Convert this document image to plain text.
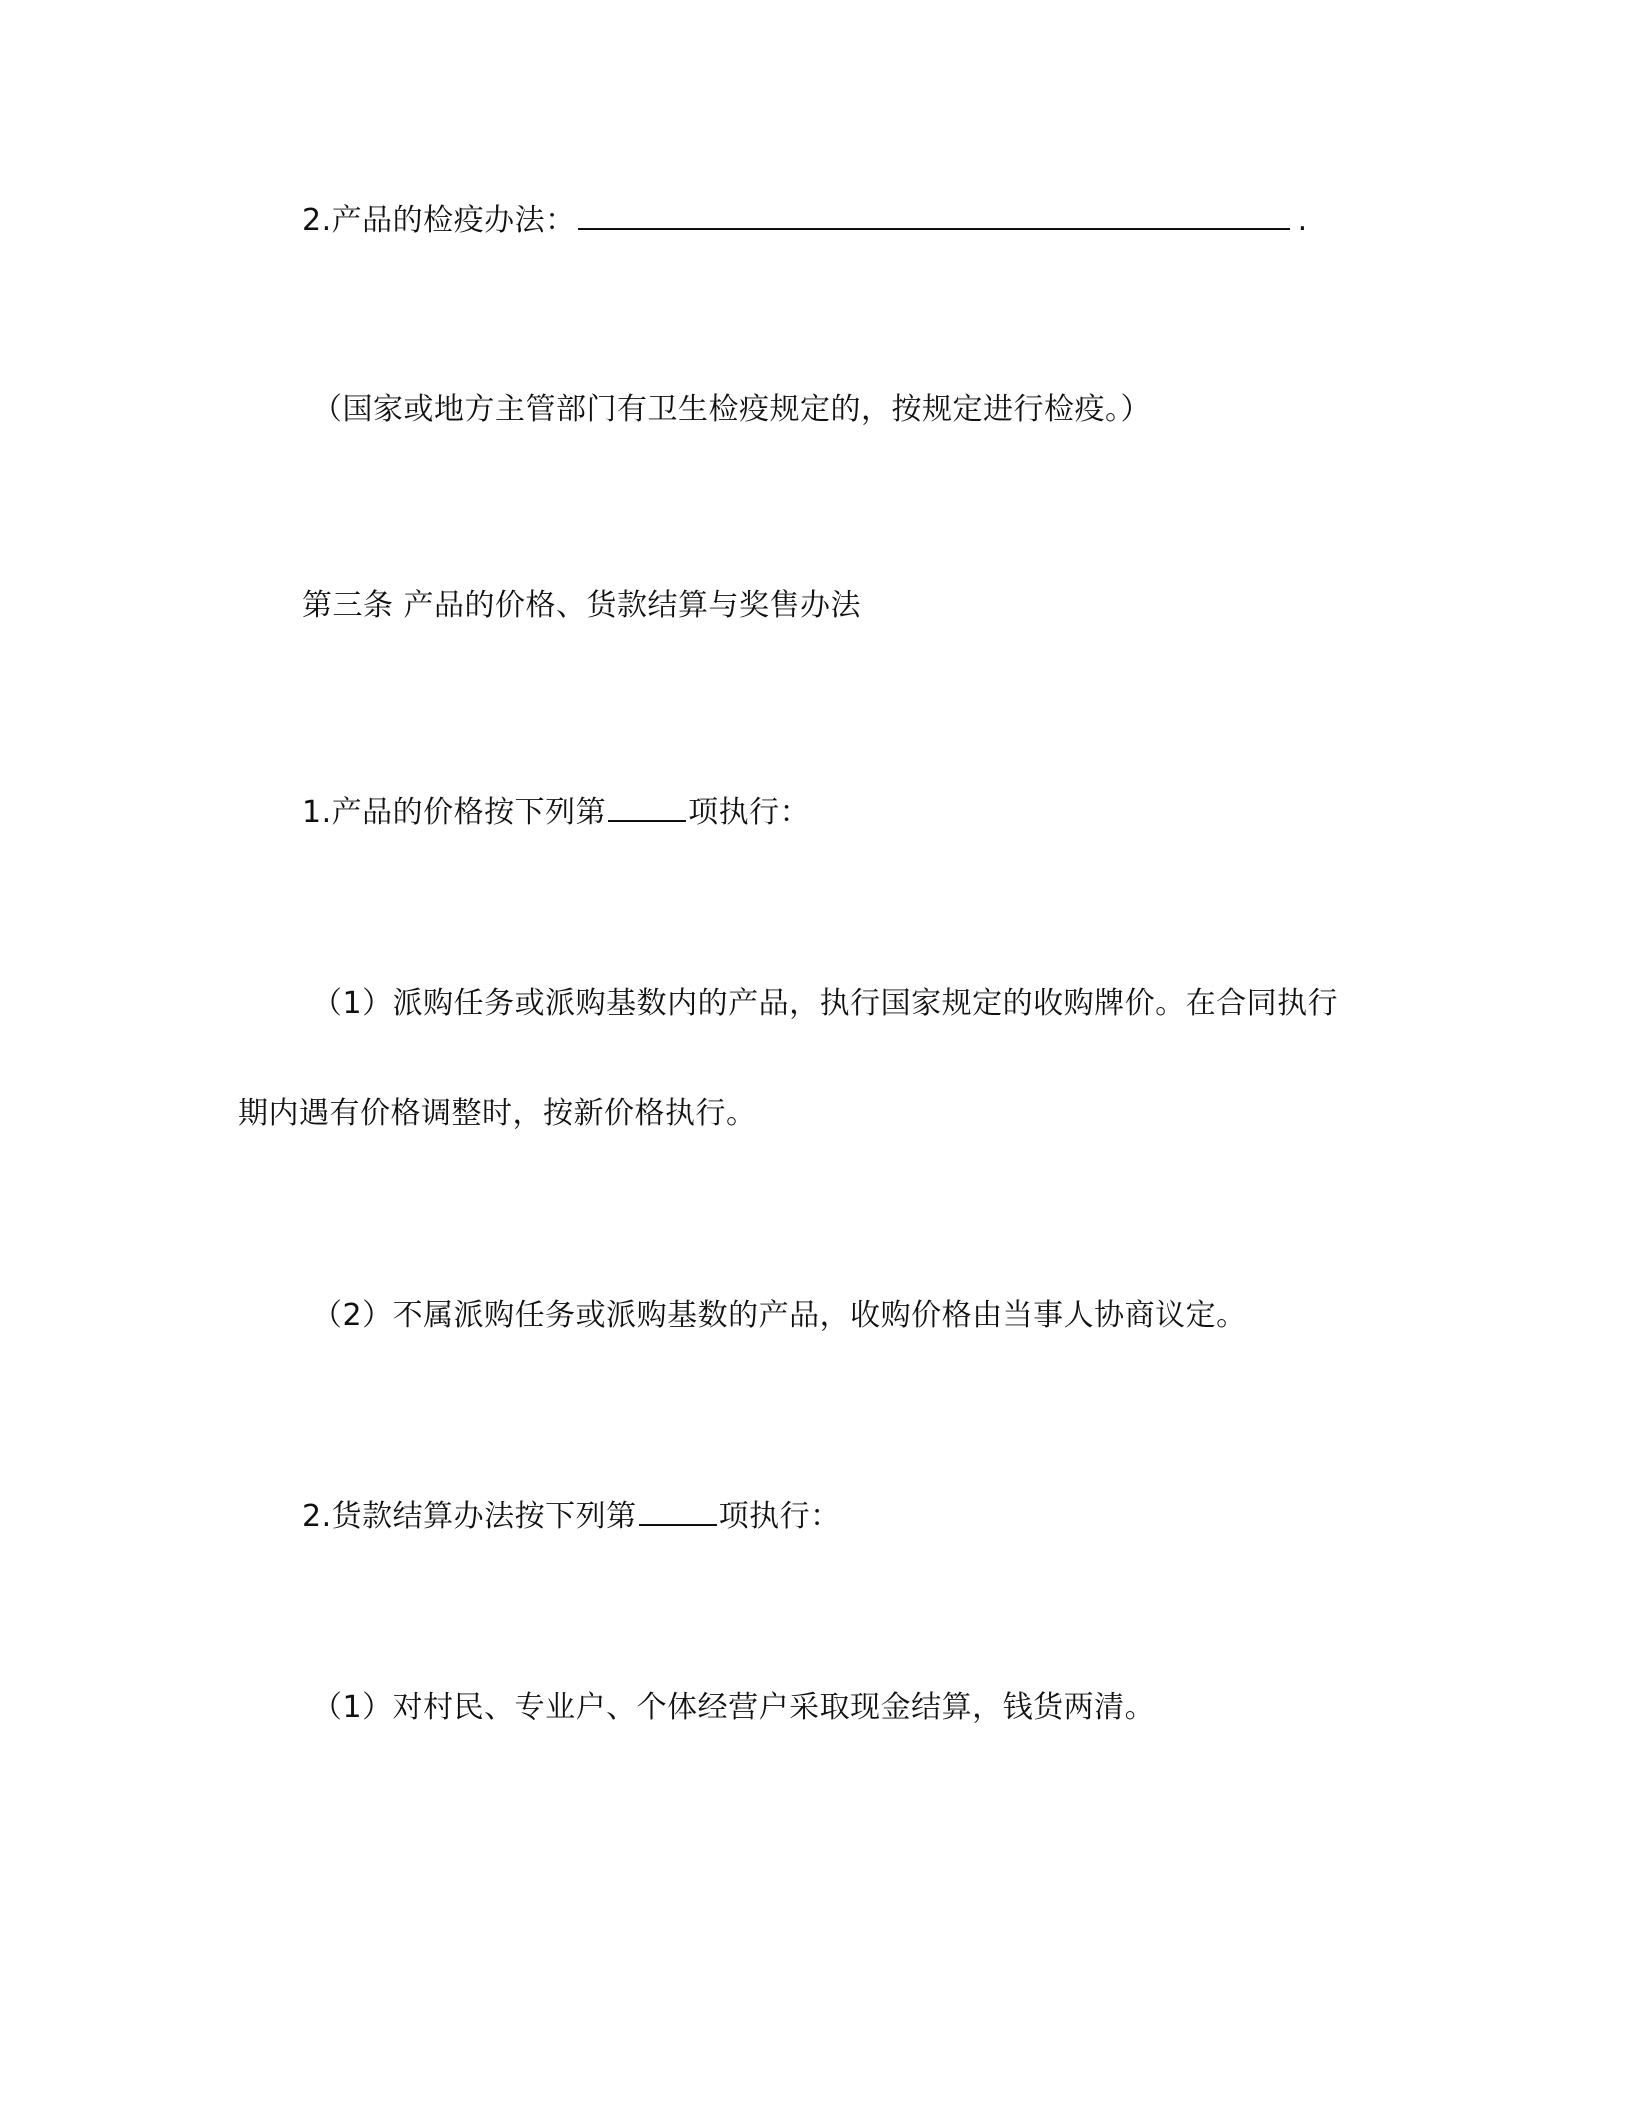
2.产品的检疫办法：	.
（国家或地方主管部门有卫生检疫规定的，按规定进行检疫。）
第三条 产品的价格、货款结算与奖售办法
1.产品的价格按下列第	项执行：
（1）派购任务或派购基数内的产品，执行国家规定的收购牌价。在合同执行
期内遇有价格调整时，按新价格执行。
（2）不属派购任务或派购基数的产品，收购价格由当事人协商议定。
2.货款结算办法按下列第	项执行：
（1）对村民、专业户、个体经营户采取现金结算，钱货两清。
